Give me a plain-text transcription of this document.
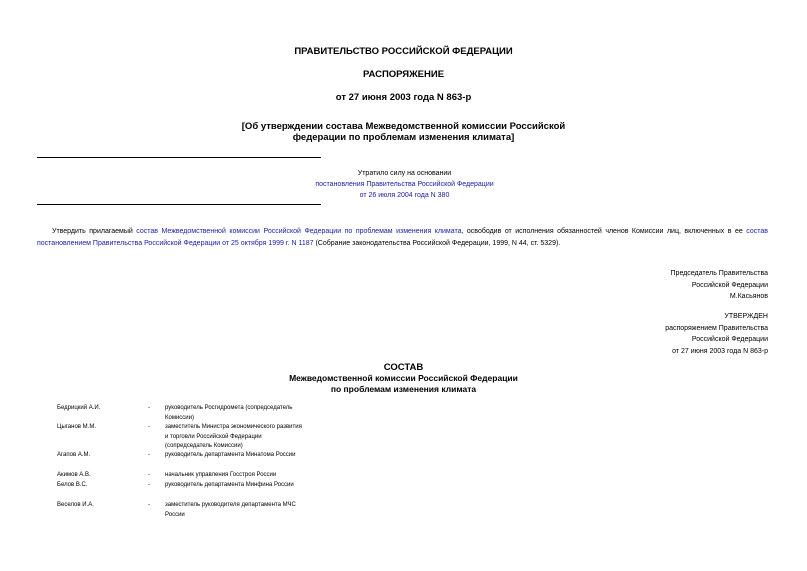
ПРАВИТЕЛЬСТВО РОССИЙСКОЙ ФЕДЕРАЦИИ
РАСПОРЯЖЕНИЕ
от 27 июня 2003 года N 863-р
[Об утверждении состава Межведомственной комиссии Российской
федерации по проблемам изменения климата]
Утратило силу на основании
постановления Правительства Российской Федерации
от 26 июля 2004 года N 380
Утвердить прилагаемый состав Межведомственной комиссии Российской Федерации по проблемам изменения климата, освободив от исполнения обязанностей членов Комиссии лиц, включенных в ее состав постановлением Правительства Российской Федерации от 25 октября 1999 г. N 1187 (Собрание законодательства Российской Федерации, 1999, N 44, ст. 5329).
Председатель Правительства
Российской Федерации
М.Касьянов
УТВЕРЖДЕН
распоряжением Правительства
Российской Федерации
от 27 июня 2003 года N 863-р
СОСТАВ
Межведомственной комиссии Российской Федерации
по проблемам изменения климата
Бедрицкий А.И.	-	руководитель Росгидромета (сопредседатель Комиссии)
Цыганов М.М.	-	заместитель Министра экономического развития и торговли Российской Федерации (сопредседатель Комиссии)
Агапов А.М.	-	руководитель департамента Минатома России
Акимов А.В.	-	начальник управления Госстроя России
Белов В.С.	-	руководитель департамента Минфина России
Веселов И.А.	-	заместитель руководителя департамента МЧС России
